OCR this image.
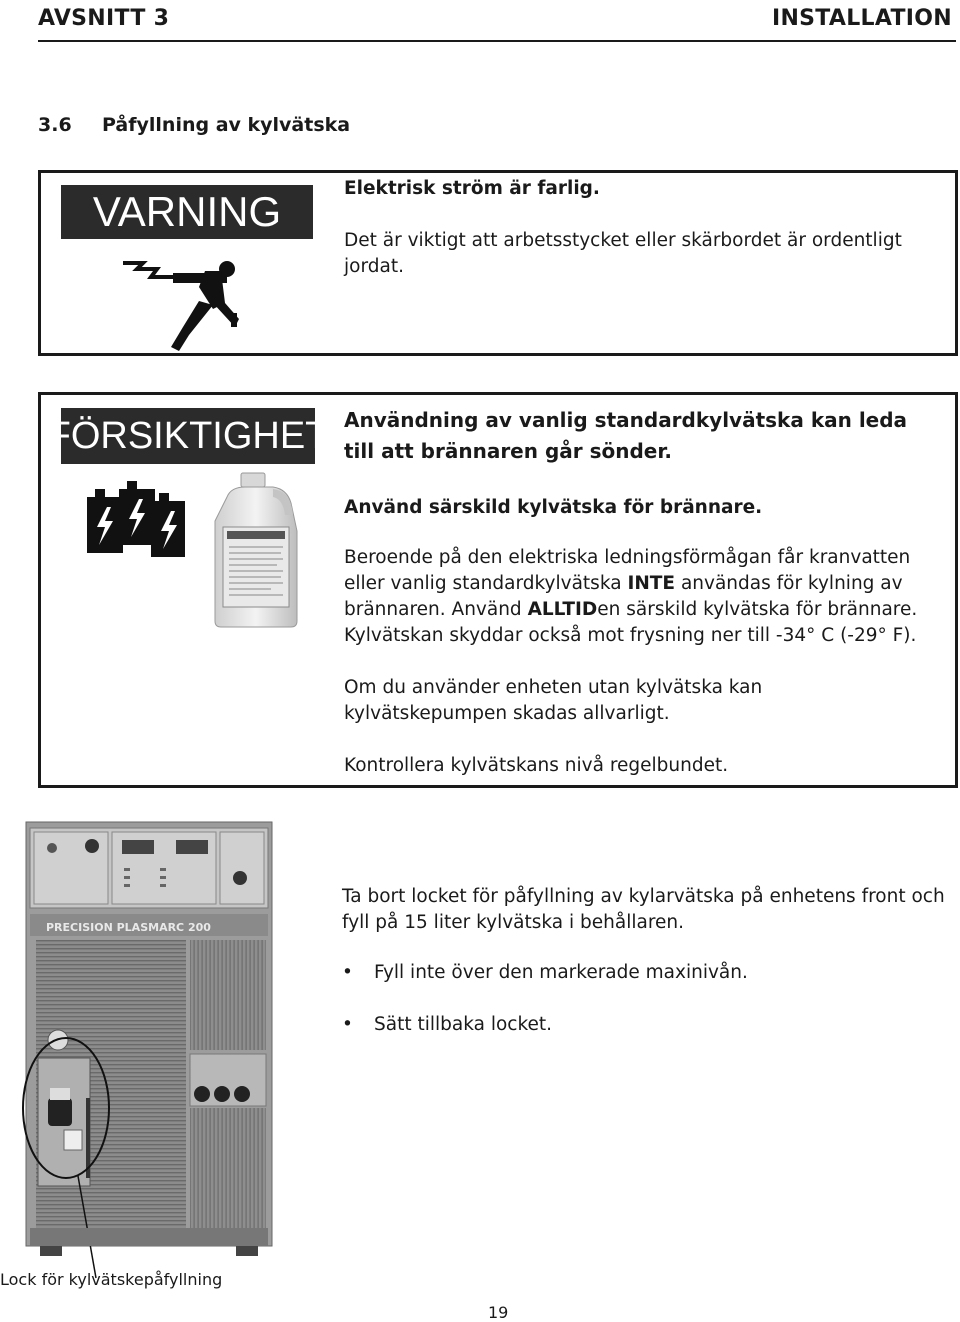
AVSNITT 3	INSTALLATION
3.6 Påfyllning av kylvätska
VARNING	Elektrisk ström är farlig.
Det är viktigt att arbetsstycket eller skärbordet är ordentligt jordat.
FÖRSIKTIGHET Användning av vanlig standardkylvätska kan leda till att brännaren går sönder.
Använd särskild kylvätska för brännare.
Beroende på den elektriska ledningsförmågan får kranvatten eller vanlig standardkylvätska INTE användas för kylning av brännaren. Använd ALLTIDen särskild kylvätska för brännare. Kylvätskan skyddar också mot frysning ner till -34° C (-29° F).
Om du använder enheten utan kylvätska kan kylvätskepumpen skadas allvarligt.
Kontrollera kylvätskans nivå regelbundet.
PRECISION PLASMARC 200
Ta bort locket för påfyllning av kylarvätska på enhetens front och fyll på 15 liter kylvätska i behållaren.
• Fyll inte över den markerade maxinivån.
• Sätt tillbaka locket.
Lock för kylvätskepåfyllning
19
